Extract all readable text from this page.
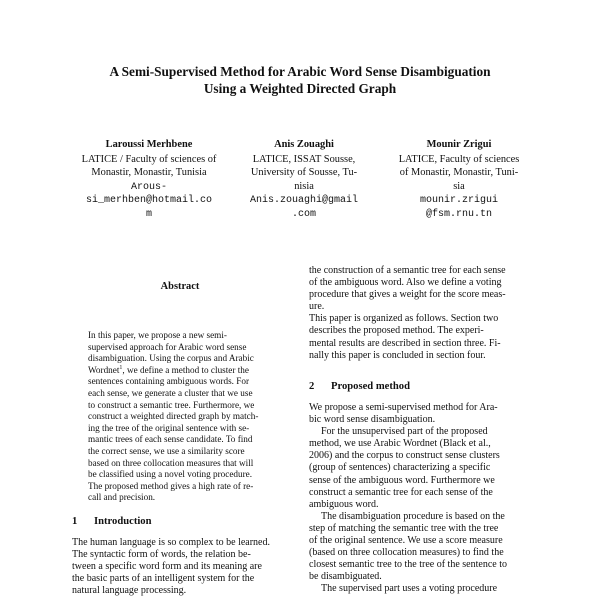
A Semi-Supervised Method for Arabic Word Sense Disambiguation
Using a Weighted Directed Graph
Laroussi Merhbene
LATICE / Faculty of sciences of
Monastir, Monastir, Tunisia
Arous-
si_merhben@hotmail.co
m
Anis Zouaghi
LATICE, ISSAT Sousse,
University of Sousse, Tu-
nisia
Anis.zouaghi@gmail
.com
Mounir Zrigui
LATICE, Faculty of sciences
of Monastir, Monastir, Tuni-
sia
mounir.zrigui
@fsm.rnu.tn
Abstract
In this paper, we propose a new semi-
supervised approach for Arabic word sense
disambiguation. Using the corpus and Arabic
Wordnet$^1$, we define a method to cluster the
sentences containing ambiguous words. For
each sense, we generate a cluster that we use
to construct a semantic tree. Furthermore, we
construct a weighted directed graph by match-
ing the tree of the original sentence with se-
mantic trees of each sense candidate. To find
the correct sense, we use a similarity score
based on three collocation measures that will
be classified using a novel voting procedure.
The proposed method gives a high rate of re-
call and precision.
1 Introduction
The human language is so complex to be learned.
The syntactic form of words, the relation be-
tween a specific word form and its meaning are
the basic parts of an intelligent system for the
natural language processing.
the construction of a semantic tree for each sense
of the ambiguous word. Also we define a voting
procedure that gives a weight for the score meas-
ure.
This paper is organized as follows. Section two
describes the proposed method. The experi-
mental results are described in section three. Fi-
nally this paper is concluded in section four.
2 Proposed method
We propose a semi-supervised method for Ara-
bic word sense disambiguation.
For the unsupervised part of the proposed
method, we use Arabic Wordnet (Black et al.,
2006) and the corpus to construct sense clusters
(group of sentences) characterizing a specific
sense of the ambiguous word. Furthermore we
construct a semantic tree for each sense of the
ambiguous word.
The disambiguation procedure is based on the
step of matching the semantic tree with the tree
of the original sentence. We use a score measure
(based on three collocation measures) to find the
closest semantic tree to the tree of the sentence to
be disambiguated.
The supervised part uses a voting procedure
